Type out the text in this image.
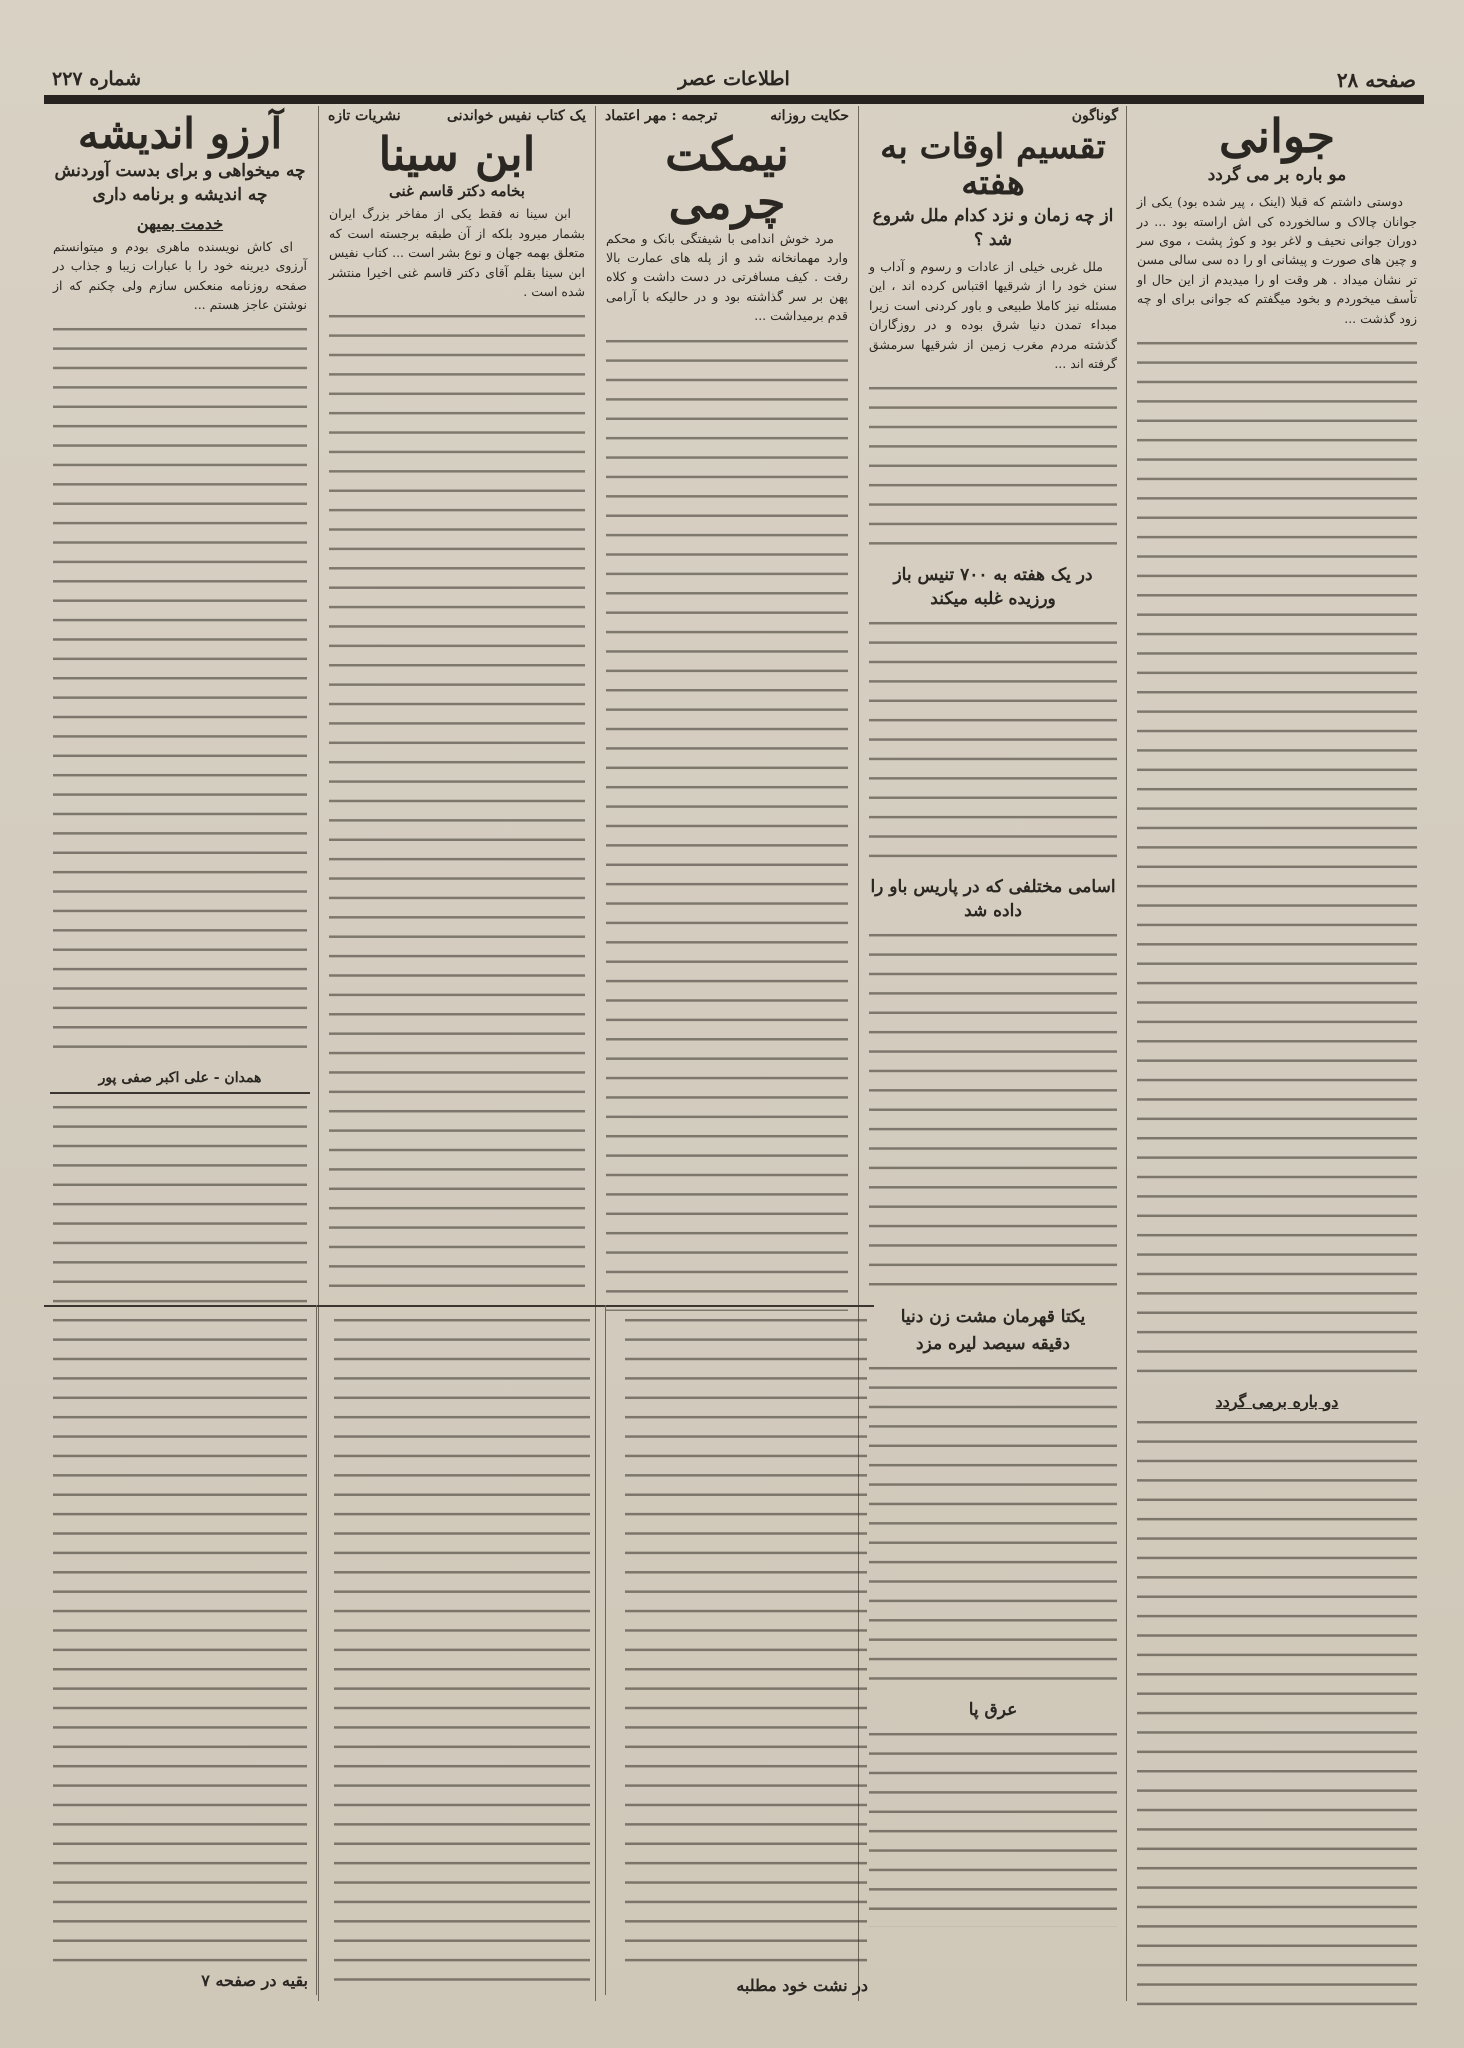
صفحه ۲۸
اطلاعات عصر
شماره ۲۲۷
جوانی
مو باره بر می گردد
دوستی داشتم که قبلا (اینک ، پیر شده بود) یکی از جوانان چالاک و سالخورده کی اش اراسته بود ... در دوران جوانی نحیف و لاغر بود و کوژ پشت ، موی سر و چین های صورت و پیشانی او را ده سی سالی مسن تر نشان میداد . هر وقت او را میدیدم از این حال او تأسف میخوردم و بخود میگفتم که جوانی برای او چه زود گذشت ...
دو باره برمی گردد
گوناگون
تقسیم اوقات به هفته
از چه زمان و نزد کدام ملل شروع شد ؟
ملل غربی خیلی از عادات و رسوم و آداب و سنن خود را از شرقیها اقتباس کرده اند ، این مسئله نیز کاملا طبیعی و باور کردنی است زیرا مبداء تمدن دنیا شرق بوده و در روزگاران گذشته مردم مغرب زمین از شرقیها سرمشق گرفته اند ...
در یک هفته به ۷۰۰ تنیس باز ورزیده غلبه میکند
اسامی مختلفی که در پاریس باو را داده شد
یکتا قهرمان مشت زن دنیا
دقیقه سیصد لیره مزد
عرق پا
حکایت روزانه
ترجمه : مهر اعتماد
نیمکت چرمی
مرد خوش اندامی با شیفتگی بانک و محکم وارد مهمانخانه شد و از پله های عمارت بالا رفت . کیف مسافرتی در دست داشت و کلاه پهن بر سر گذاشته بود و در حالیکه با آرامی قدم برمیداشت ...
یک کتاب نفیس خواندنی
نشریات تازه
ابن سینا
بخامه دکتر قاسم غنی
ابن سینا نه فقط یکی از مفاخر بزرگ ایران بشمار میرود بلکه از آن طبقه برجسته است که متعلق بهمه جهان و نوع بشر است ... کتاب نفیس ابن سینا بقلم آقای دکتر قاسم غنی اخیرا منتشر شده است .
آرزو اندیشه
چه میخواهی و برای بدست آوردنش چه اندیشه و برنامه داری
خدمت بمیهن
ای کاش نویسنده ماهری بودم و میتوانستم آرزوی دیرینه خود را با عبارات زیبا و جذاب در صفحه روزنامه منعکس سازم ولی چکنم که از نوشتن عاجز هستم ...
همدان - علی اکبر صفی پور
در نشت خود مطلبه
بقیه در صفحه ۷
